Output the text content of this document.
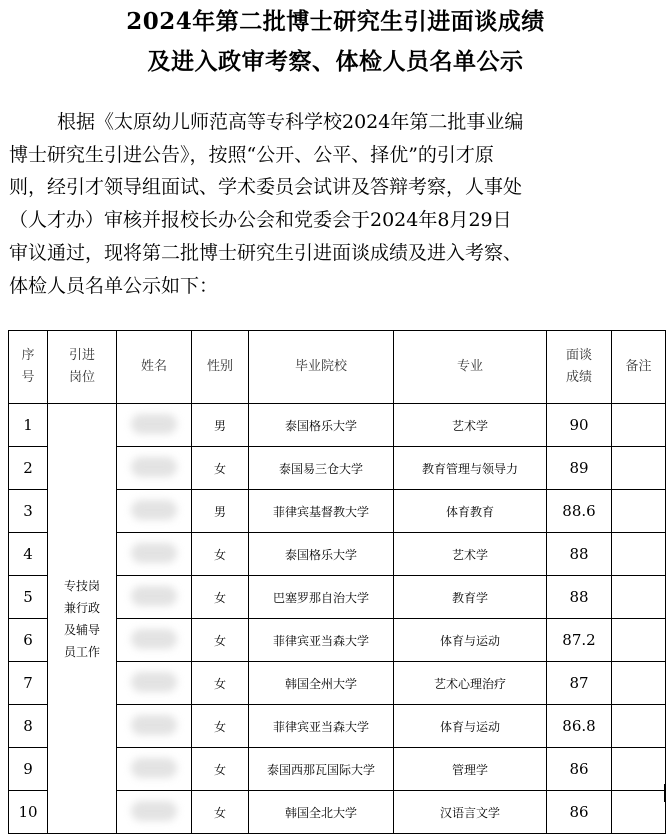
2024年第二批博士研究生引进面谈成绩
及进入政审考察、体检人员名单公示
根据《太原幼儿师范高等专科学校2024年第二批事业编
博士研究生引进公告》，按照“公开、公平、择优”的引才原
则，经引才领导组面试、学术委员会试讲及答辩考察，人事处
（人才办）审核并报校长办公会和党委会于2024年8月29日
审议通过，现将第二批博士研究生引进面谈成绩及进入考察、
体检人员名单公示如下：
序号	引进岗位	姓名	性别	毕业院校	专业	面谈成绩	备注
1	专技岗兼行政及辅导员工作		男	泰国格乐大学	艺术学	90	
2			女	泰国易三仓大学	教育管理与领导力	89	
3			男	菲律宾基督教大学	体育教育	88.6	
4			女	泰国格乐大学	艺术学	88	
5			女	巴塞罗那自治大学	教育学	88	
6			女	菲律宾亚当森大学	体育与运动	87.2	
7			女	韩国全州大学	艺术心理治疗	87	
8			女	菲律宾亚当森大学	体育与运动	86.8	
9			女	泰国西那瓦国际大学	管理学	86	
10			女	韩国全北大学	汉语言文学	86	
